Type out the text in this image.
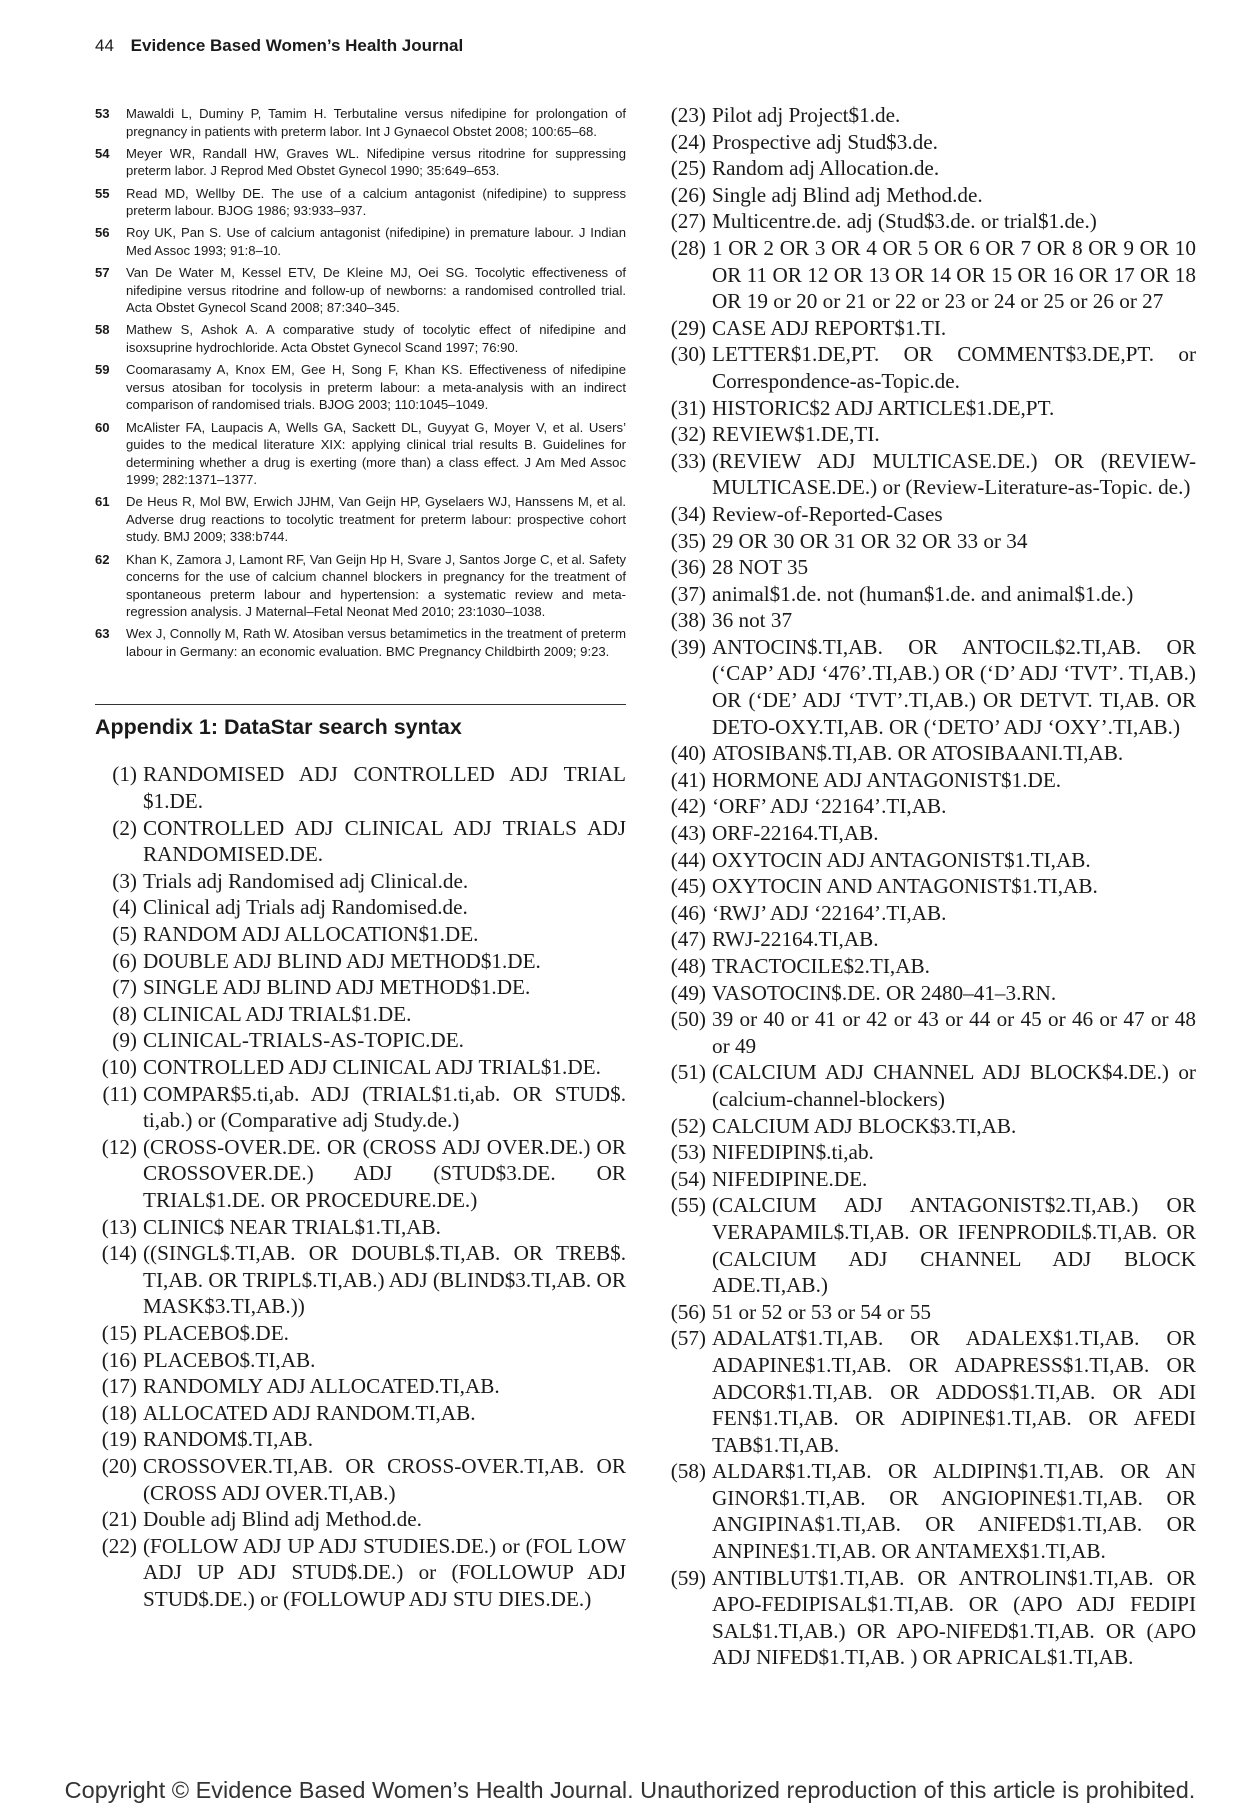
44 Evidence Based Women’s Health Journal
53	Mawaldi L, Duminy P, Tamim H. Terbutaline versus nifedipine for prolongation of pregnancy in patients with preterm labor. Int J Gynaecol Obstet 2008; 100:65–68.
54	Meyer WR, Randall HW, Graves WL. Nifedipine versus ritodrine for suppressing preterm labor. J Reprod Med Obstet Gynecol 1990; 35:649–653.
55	Read MD, Wellby DE. The use of a calcium antagonist (nifedipine) to suppress preterm labour. BJOG 1986; 93:933–937.
56	Roy UK, Pan S. Use of calcium antagonist (nifedipine) in premature labour. J Indian Med Assoc 1993; 91:8–10.
57	Van De Water M, Kessel ETV, De Kleine MJ, Oei SG. Tocolytic effectiveness of nifedipine versus ritodrine and follow-up of newborns: a randomised controlled trial. Acta Obstet Gynecol Scand 2008; 87:340–345.
58	Mathew S, Ashok A. A comparative study of tocolytic effect of nifedipine and isoxsuprine hydrochloride. Acta Obstet Gynecol Scand 1997; 76:90.
59	Coomarasamy A, Knox EM, Gee H, Song F, Khan KS. Effectiveness of nifedipine versus atosiban for tocolysis in preterm labour: a meta-analysis with an indirect comparison of randomised trials. BJOG 2003; 110:1045–1049.
60	McAlister FA, Laupacis A, Wells GA, Sackett DL, Guyyat G, Moyer V, et al. Users’ guides to the medical literature XIX: applying clinical trial results B. Guidelines for determining whether a drug is exerting (more than) a class effect. J Am Med Assoc 1999; 282:1371–1377.
61	De Heus R, Mol BW, Erwich JJHM, Van Geijn HP, Gyselaers WJ, Hanssens M, et al. Adverse drug reactions to tocolytic treatment for preterm labour: prospective cohort study. BMJ 2009; 338:b744.
62	Khan K, Zamora J, Lamont RF, Van Geijn Hp H, Svare J, Santos Jorge C, et al. Safety concerns for the use of calcium channel blockers in pregnancy for the treatment of spontaneous preterm labour and hypertension: a systematic review and meta-regression analysis. J Maternal–Fetal Neonat Med 2010; 23:1030–1038.
63	Wex J, Connolly M, Rath W. Atosiban versus betamimetics in the treatment of preterm labour in Germany: an economic evaluation. BMC Pregnancy Childbirth 2009; 9:23.
Appendix 1: DataStar search syntax
(1) RANDOMISED ADJ CONTROLLED ADJ TRIAL $1.DE.
(2) CONTROLLED ADJ CLINICAL ADJ TRIALS ADJ RANDOMISED.DE.
(3) Trials adj Randomised adj Clinical.de.
(4) Clinical adj Trials adj Randomised.de.
(5) RANDOM ADJ ALLOCATION$1.DE.
(6) DOUBLE ADJ BLIND ADJ METHOD$1.DE.
(7) SINGLE ADJ BLIND ADJ METHOD$1.DE.
(8) CLINICAL ADJ TRIAL$1.DE.
(9) CLINICAL-TRIALS-AS-TOPIC.DE.
(10) CONTROLLED ADJ CLINICAL ADJ TRIAL$1.DE.
(11) COMPAR$5.ti,ab. ADJ (TRIAL$1.ti,ab. OR STUD$. ti,ab.) or (Comparative adj Study.de.)
(12) (CROSS-OVER.DE. OR (CROSS ADJ OVER.DE.) OR CROSSOVER.DE.) ADJ (STUD$3.DE. OR TRIAL$1.DE. OR PROCEDURE.DE.)
(13) CLINIC$ NEAR TRIAL$1.TI,AB.
(14) ((SINGL$.TI,AB. OR DOUBL$.TI,AB. OR TREB$. TI,AB. OR TRIPL$.TI,AB.) ADJ (BLIND$3.TI,AB. OR MASK$3.TI,AB.))
(15) PLACEBO$.DE.
(16) PLACEBO$.TI,AB.
(17) RANDOMLY ADJ ALLOCATED.TI,AB.
(18) ALLOCATED ADJ RANDOM.TI,AB.
(19) RANDOM$.TI,AB.
(20) CROSSOVER.TI,AB. OR CROSS-OVER.TI,AB. OR (CROSS ADJ OVER.TI,AB.)
(21) Double adj Blind adj Method.de.
(22) (FOLLOW ADJ UP ADJ STUDIES.DE.) or (FOL LOW ADJ UP ADJ STUD$.DE.) or (FOLLOWUP ADJ STUD$.DE.) or (FOLLOWUP ADJ STU DIES.DE.)
(23) Pilot adj Project$1.de.
(24) Prospective adj Stud$3.de.
(25) Random adj Allocation.de.
(26) Single adj Blind adj Method.de.
(27) Multicentre.de. adj (Stud$3.de. or trial$1.de.)
(28) 1 OR 2 OR 3 OR 4 OR 5 OR 6 OR 7 OR 8 OR 9 OR 10 OR 11 OR 12 OR 13 OR 14 OR 15 OR 16 OR 17 OR 18 OR 19 or 20 or 21 or 22 or 23 or 24 or 25 or 26 or 27
(29) CASE ADJ REPORT$1.TI.
(30) LETTER$1.DE,PT. OR COMMENT$3.DE,PT. or Correspondence-as-Topic.de.
(31) HISTORIC$2 ADJ ARTICLE$1.DE,PT.
(32) REVIEW$1.DE,TI.
(33) (REVIEW ADJ MULTICASE.DE.) OR (REVIEW-MULTICASE.DE.) or (Review-Literature-as-Topic. de.)
(34) Review-of-Reported-Cases
(35) 29 OR 30 OR 31 OR 32 OR 33 or 34
(36) 28 NOT 35
(37) animal$1.de. not (human$1.de. and animal$1.de.)
(38) 36 not 37
(39) ANTOCIN$.TI,AB. OR ANTOCIL$2.TI,AB. OR (‘CAP’ ADJ ‘476’.TI,AB.) OR (‘D’ ADJ ‘TVT’. TI,AB.) OR (‘DE’ ADJ ‘TVT’.TI,AB.) OR DETVT. TI,AB. OR DETO-OXY.TI,AB. OR (‘DETO’ ADJ ‘OXY’.TI,AB.)
(40) ATOSIBAN$.TI,AB. OR ATOSIBAANI.TI,AB.
(41) HORMONE ADJ ANTAGONIST$1.DE.
(42) ‘ORF’ ADJ ‘22164’.TI,AB.
(43) ORF-22164.TI,AB.
(44) OXYTOCIN ADJ ANTAGONIST$1.TI,AB.
(45) OXYTOCIN AND ANTAGONIST$1.TI,AB.
(46) ‘RWJ’ ADJ ‘22164’.TI,AB.
(47) RWJ-22164.TI,AB.
(48) TRACTOCILE$2.TI,AB.
(49) VASOTOCIN$.DE. OR 2480–41–3.RN.
(50) 39 or 40 or 41 or 42 or 43 or 44 or 45 or 46 or 47 or 48 or 49
(51) (CALCIUM ADJ CHANNEL ADJ BLOCK$4.DE.) or (calcium-channel-blockers)
(52) CALCIUM ADJ BLOCK$3.TI,AB.
(53) NIFEDIPIN$.ti,ab.
(54) NIFEDIPINE.DE.
(55) (CALCIUM ADJ ANTAGONIST$2.TI,AB.) OR VERAPAMIL$.TI,AB. OR IFENPRODIL$.TI,AB. OR (CALCIUM ADJ CHANNEL ADJ BLOCK ADE.TI,AB.)
(56) 51 or 52 or 53 or 54 or 55
(57) ADALAT$1.TI,AB. OR ADALEX$1.TI,AB. OR ADAPINE$1.TI,AB. OR ADAPRESS$1.TI,AB. OR ADCOR$1.TI,AB. OR ADDOS$1.TI,AB. OR ADI FEN$1.TI,AB. OR ADIPINE$1.TI,AB. OR AFEDI TAB$1.TI,AB.
(58) ALDAR$1.TI,AB. OR ALDIPIN$1.TI,AB. OR AN GINOR$1.TI,AB. OR ANGIOPINE$1.TI,AB. OR ANGIPINA$1.TI,AB. OR ANIFED$1.TI,AB. OR ANPINE$1.TI,AB. OR ANTAMEX$1.TI,AB.
(59) ANTIBLUT$1.TI,AB. OR ANTROLIN$1.TI,AB. OR APO-FEDIPISAL$1.TI,AB. OR (APO ADJ FEDIPI SAL$1.TI,AB.) OR APO-NIFED$1.TI,AB. OR (APO ADJ NIFED$1.TI,AB. ) OR APRICAL$1.TI,AB.
Copyright © Evidence Based Women’s Health Journal. Unauthorized reproduction of this article is prohibited.
